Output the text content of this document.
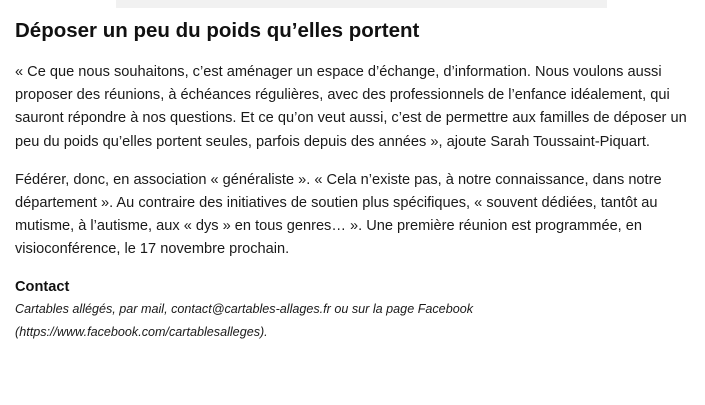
Déposer un peu du poids qu’elles portent

« Ce que nous souhaitons, c’est aménager un espace d’échange, d’information. Nous voulons aussi proposer des réunions, à échéances régulières, avec des professionnels de l’enfance idéalement, qui sauront répondre à nos questions. Et ce qu’on veut aussi, c’est de permettre aux familles de déposer un peu du poids qu’elles portent seules, parfois depuis des années », ajoute Sarah Toussaint-Piquart.

Fédérer, donc, en association « généraliste ». « Cela n’existe pas, à notre connaissance, dans notre département ». Au contraire des initiatives de soutien plus spécifiques, « souvent dédiées, tantôt au mutisme, à l’autisme, aux « dys » en tous genres… ». Une première réunion est programmée, en visioconférence, le 17 novembre prochain.

Contact

Cartables allégés, par mail, contact@cartables-allages.fr ou sur la page Facebook (https://www.facebook.com/cartablesalleges).
